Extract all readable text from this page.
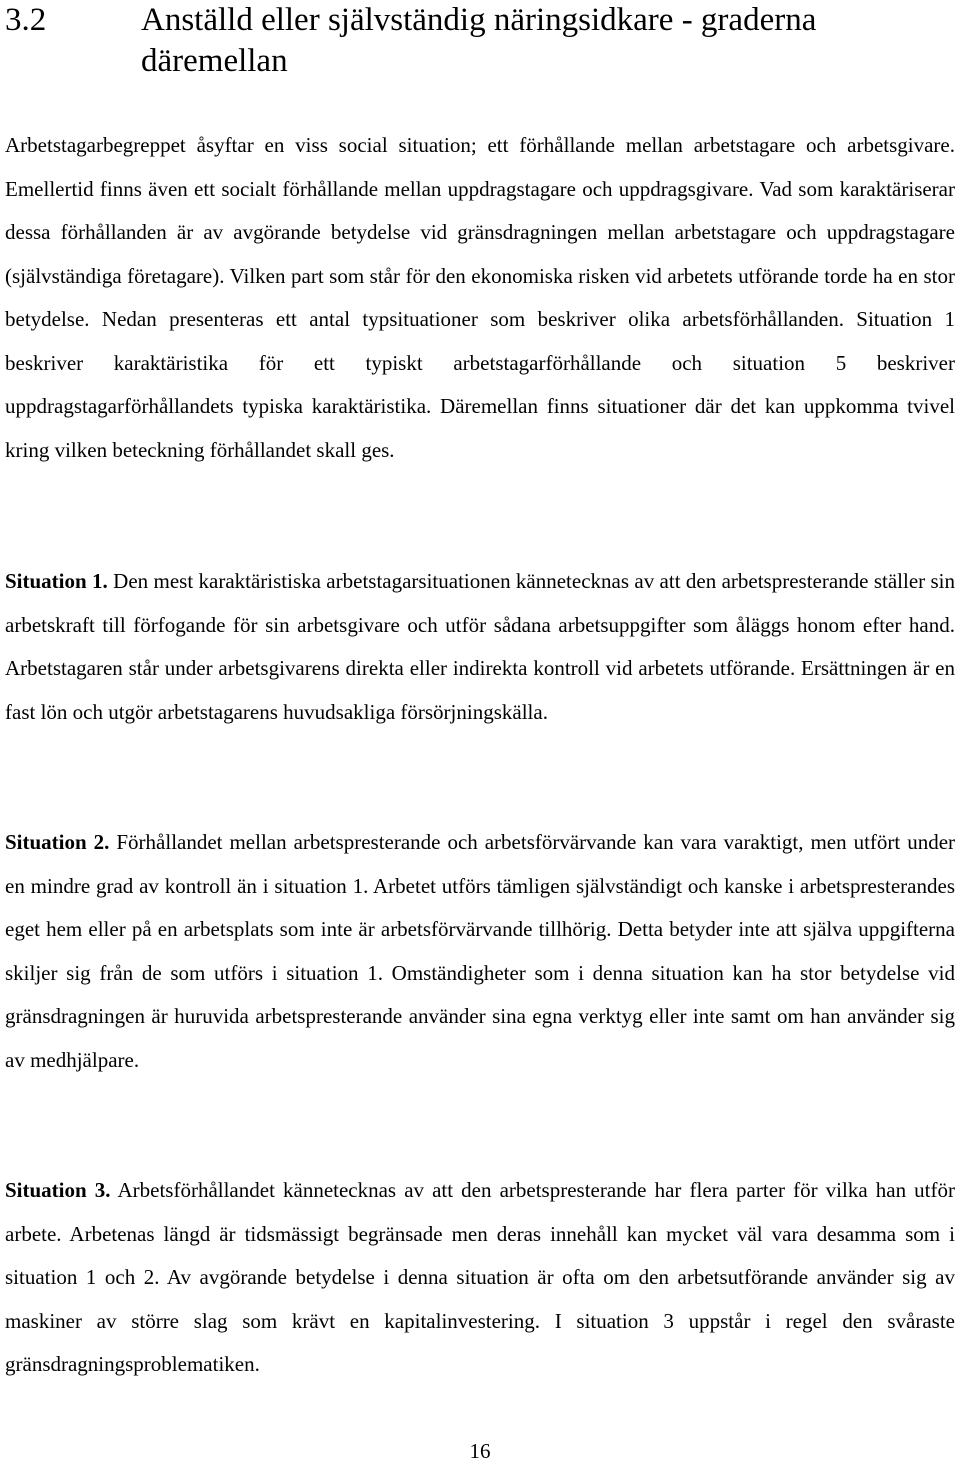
3.2	Anställd eller självständig näringsidkare - graderna däremellan

Arbetstagarbegreppet åsyftar en viss social situation; ett förhållande mellan arbetstagare och arbetsgivare. Emellertid finns även ett socialt förhållande mellan uppdragstagare och uppdragsgivare. Vad som karaktäriserar dessa förhållanden är av avgörande betydelse vid gränsdragningen mellan arbetstagare och uppdragstagare (självständiga företagare). Vilken part som står för den ekonomiska risken vid arbetets utförande torde ha en stor betydelse. Nedan presenteras ett antal typsituationer som beskriver olika arbetsförhållanden. Situation 1 beskriver karaktäristika för ett typiskt arbetstagarförhållande och situation 5 beskriver uppdragstagarförhållandets typiska karaktäristika. Däremellan finns situationer där det kan uppkomma tvivel kring vilken beteckning förhållandet skall ges.

Situation 1. Den mest karaktäristiska arbetstagarsituationen kännetecknas av att den arbetspresterande ställer sin arbetskraft till förfogande för sin arbetsgivare och utför sådana arbetsuppgifter som åläggs honom efter hand. Arbetstagaren står under arbetsgivarens direkta eller indirekta kontroll vid arbetets utförande. Ersättningen är en fast lön och utgör arbetstagarens huvudsakliga försörjningskälla.

Situation 2. Förhållandet mellan arbetspresterande och arbetsförvärvande kan vara varaktigt, men utfört under en mindre grad av kontroll än i situation 1. Arbetet utförs tämligen självständigt och kanske i arbetspresterandes eget hem eller på en arbetsplats som inte är arbetsförvärvande tillhörig. Detta betyder inte att själva uppgifterna skiljer sig från de som utförs i situation 1. Omständigheter som i denna situation kan ha stor betydelse vid gränsdragningen är huruvida arbetspresterande använder sina egna verktyg eller inte samt om han använder sig av medhjälpare.

Situation 3. Arbetsförhållandet kännetecknas av att den arbetspresterande har flera parter för vilka han utför arbete. Arbetenas längd är tidsmässigt begränsade men deras innehåll kan mycket väl vara desamma som i situation 1 och 2. Av avgörande betydelse i denna situation är ofta om den arbetsutförande använder sig av maskiner av större slag som krävt en kapitalinvestering. I situation 3 uppstår i regel den svåraste gränsdragningsproblematiken.

16
